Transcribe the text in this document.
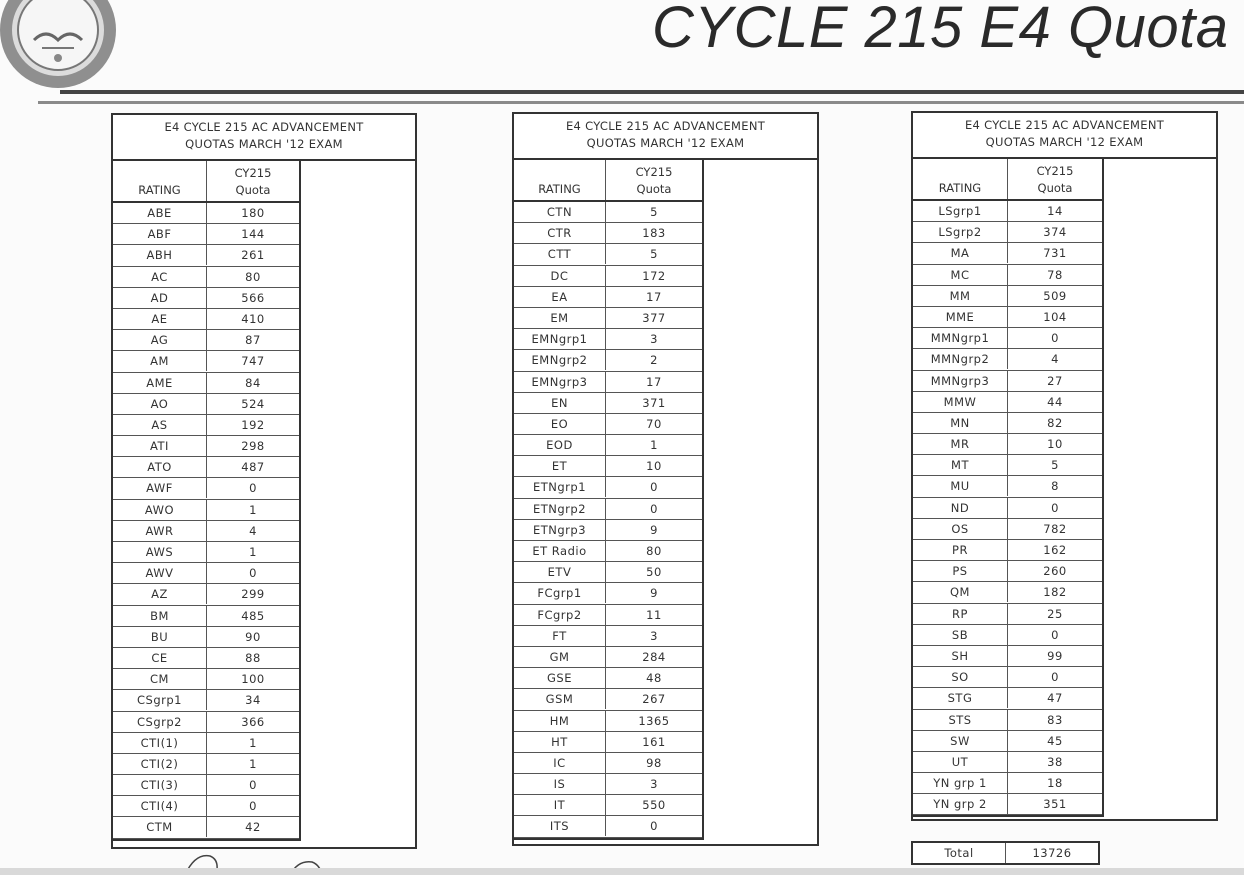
CYCLE 215 E4 Quota
E4 CYCLE 215 AC ADVANCEMENT
QUOTAS MARCH '12 EXAM
RATING
CY215
Quota
ABE	180
ABF	144
ABH	261
AC	80
AD	566
AE	410
AG	87
AM	747
AME	84
AO	524
AS	192
ATI	298
ATO	487
AWF	0
AWO	1
AWR	4
AWS	1
AWV	0
AZ	299
BM	485
BU	90
CE	88
CM	100
CSgrp1	34
CSgrp2	366
CTI(1)	1
CTI(2)	1
CTI(3)	0
CTI(4)	0
CTM	42
E4 CYCLE 215 AC ADVANCEMENT
QUOTAS MARCH '12 EXAM
RATING
CY215
Quota
CTN	5
CTR	183
CTT	5
DC	172
EA	17
EM	377
EMNgrp1	3
EMNgrp2	2
EMNgrp3	17
EN	371
EO	70
EOD	1
ET	10
ETNgrp1	0
ETNgrp2	0
ETNgrp3	9
ET Radio	80
ETV	50
FCgrp1	9
FCgrp2	11
FT	3
GM	284
GSE	48
GSM	267
HM	1365
HT	161
IC	98
IS	3
IT	550
ITS	0
E4 CYCLE 215 AC ADVANCEMENT
QUOTAS MARCH '12 EXAM
RATING
CY215
Quota
LSgrp1	14
LSgrp2	374
MA	731
MC	78
MM	509
MME	104
MMNgrp1	0
MMNgrp2	4
MMNgrp3	27
MMW	44
MN	82
MR	10
MT	5
MU	8
ND	0
OS	782
PR	162
PS	260
QM	182
RP	25
SB	0
SH	99
SO	0
STG	47
STS	83
SW	45
UT	38
YN grp 1	18
YN grp 2	351
Total	13726
